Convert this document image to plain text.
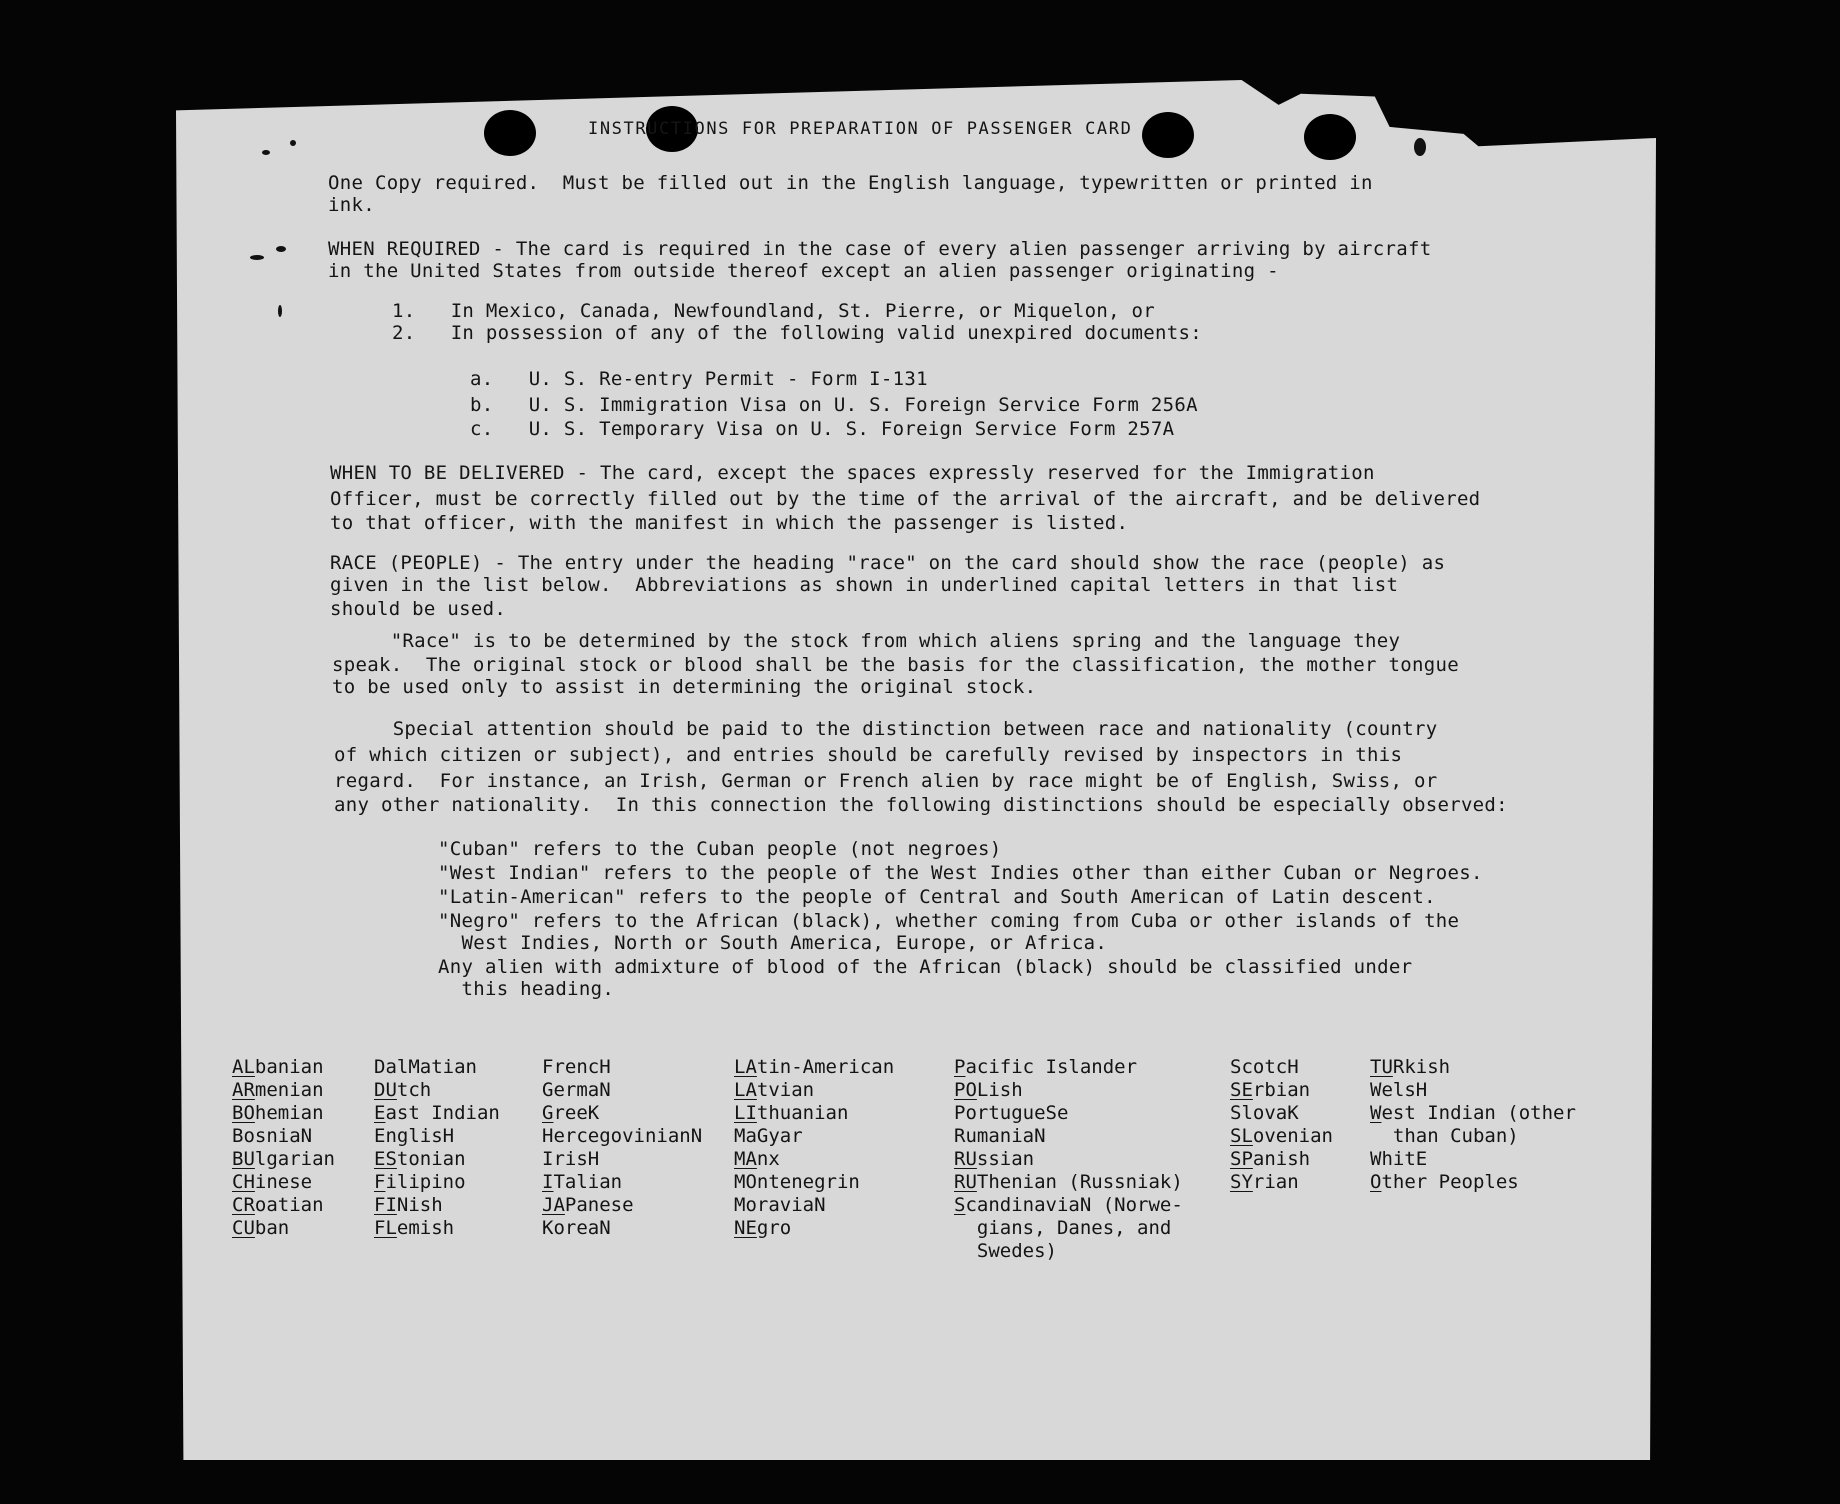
INSTRUCTIONS FOR PREPARATION OF PASSENGER CARD
One Copy required.  Must be filled out in the English language, typewritten or printed in
ink.
WHEN REQUIRED - The card is required in the case of every alien passenger arriving by aircraft
in the United States from outside thereof except an alien passenger originating -
1.   In Mexico, Canada, Newfoundland, St. Pierre, or Miquelon, or
2.   In possession of any of the following valid unexpired documents:
a.   U. S. Re-entry Permit - Form I-131
b.   U. S. Immigration Visa on U. S. Foreign Service Form 256A
c.   U. S. Temporary Visa on U. S. Foreign Service Form 257A
WHEN TO BE DELIVERED - The card, except the spaces expressly reserved for the Immigration
Officer, must be correctly filled out by the time of the arrival of the aircraft, and be delivered
to that officer, with the manifest in which the passenger is listed.
RACE (PEOPLE) - The entry under the heading "race" on the card should show the race (people) as
given in the list below.  Abbreviations as shown in underlined capital letters in that list
should be used.
"Race" is to be determined by the stock from which aliens spring and the language they
speak.  The original stock or blood shall be the basis for the classification, the mother tongue
to be used only to assist in determining the original stock.
Special attention should be paid to the distinction between race and nationality (country
of which citizen or subject), and entries should be carefully revised by inspectors in this
regard.  For instance, an Irish, German or French alien by race might be of English, Swiss, or
any other nationality.  In this connection the following distinctions should be especially observed:
"Cuban" refers to the Cuban people (not negroes)
"West Indian" refers to the people of the West Indies other than either Cuban or Negroes.
"Latin-American" refers to the people of Central and South American of Latin descent.
"Negro" refers to the African (black), whether coming from Cuba or other islands of the
West Indies, North or South America, Europe, or Africa.
Any alien with admixture of blood of the African (black) should be classified under
this heading.
ALbanian
ARmenian
BOhemian
BosniaN
BUlgarian
CHinese
CRoatian
CUban
DalMatian
DUtch
East Indian
EnglisH
EStonian
Filipino
FINish
FLemish
FrencH
GermaN
GreeK
HercegovinianN
IrisH
ITalian
JAPanese
KoreaN
LAtin-American
LAtvian
LIthuanian
MaGyar
MAnx
MOntenegrin
MoraviaN
NEgro
Pacific Islander
POLish
PortugueSe
RumaniaN
RUssian
RUThenian (Russniak)
ScandinaviaN (Norwe-
gians, Danes, and
Swedes)
ScotcH
SErbian
SlovaK
SLovenian
SPanish
SYrian
TURkish
WelsH
West Indian (other
than Cuban)
WhitE
Other Peoples
